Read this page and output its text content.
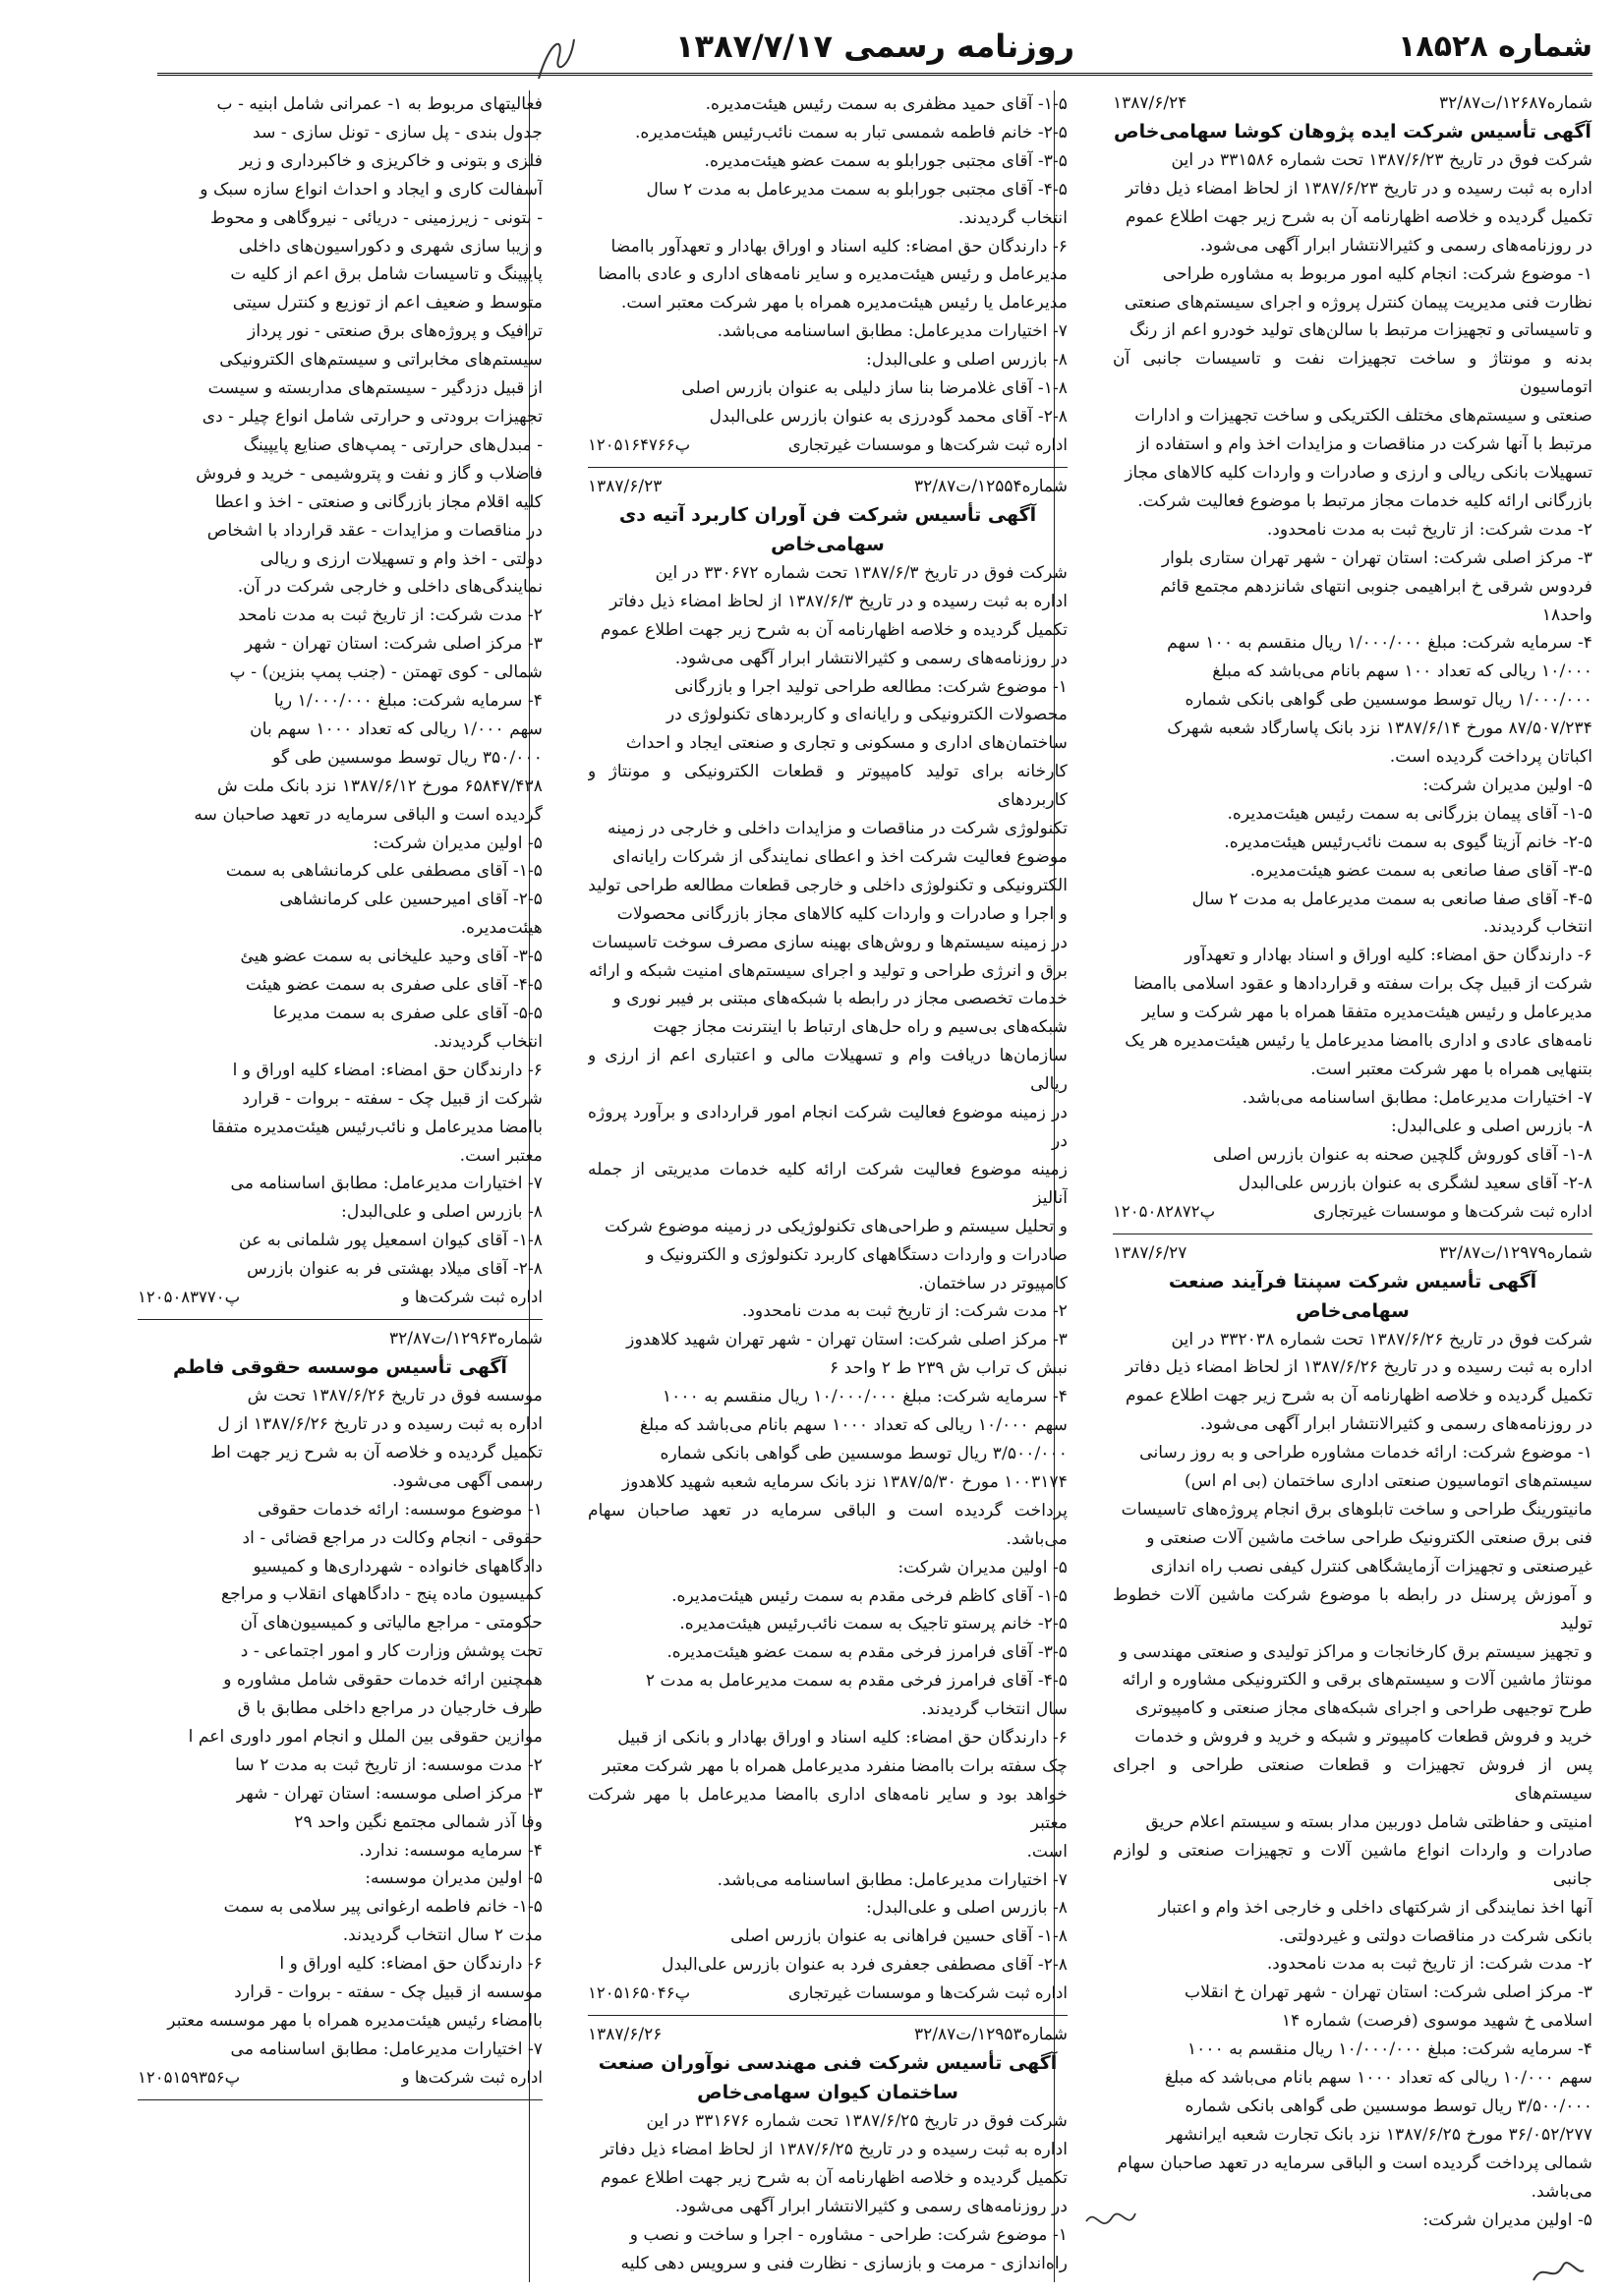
شماره ۱۸۵۲۸
روزنامه رسمی ۱۳۸۷/۷/۱۷
شماره۱۲۶۸۷/ت۳۲/۸۷
۱۳۸۷/۶/۲۴
آگهی تأسیس شرکت ایده پژوهان کوشا سهامی‌خاص

شرکت فوق در تاریخ ۱۳۸۷/۶/۲۳ تحت شماره ۳۳۱۵۸۶ در این

اداره به ثبت رسیده و در تاریخ ۱۳۸۷/۶/۲۳ از لحاظ امضاء ذیل دفاتر

تکمیل گردیده و خلاصه اظهارنامه آن به شرح زیر جهت اطلاع عموم

در روزنامه‌های رسمی و کثیرالانتشار ابرار آگهی می‌شود.

۱- موضوع شرکت: انجام کلیه امور مربوط به مشاوره طراحی

نظارت فنی مدیریت پیمان کنترل پروژه و اجرای سیستم‌های صنعتی

و تاسیساتی و تجهیزات مرتبط با سالن‌های تولید خودرو اعم از رنگ

بدنه و مونتاژ و ساخت تجهیزات نفت و تاسیسات جانبی آن اتوماسیون

صنعتی و سیستم‌های مختلف الکتریکی و ساخت تجهیزات و ادارات

مرتبط با آنها شرکت در مناقصات و مزایدات اخذ وام و استفاده از

تسهیلات بانکی ریالی و ارزی و صادرات و واردات کلیه کالاهای مجاز

بازرگانی ارائه کلیه خدمات مجاز مرتبط با موضوع فعالیت شرکت.

۲- مدت شرکت: از تاریخ ثبت به مدت نامحدود.

۳- مرکز اصلی شرکت: استان تهران - شهر تهران ستاری بلوار

فردوس شرقی خ ابراهیمی جنوبی انتهای شانزدهم مجتمع قائم

واحد۱۸

۴- سرمایه شرکت: مبلغ ۱/۰۰۰/۰۰۰ ریال منقسم به ۱۰۰ سهم

۱۰/۰۰۰ ریالی که تعداد ۱۰۰ سهم بانام می‌باشد که مبلغ

۱/۰۰۰/۰۰۰ ریال توسط موسسین طی گواهی بانکی شماره

۸۷/۵۰۷/۲۳۴ مورخ ۱۳۸۷/۶/۱۴ نزد بانک پاسارگاد شعبه شهرک

اکباتان پرداخت گردیده است.

۵- اولین مدیران شرکت:

۱-۵- آقای پیمان بزرگانی به سمت رئیس هیئت‌مدیره.

۲-۵- خانم آزیتا گیوی به سمت نائب‌رئیس هیئت‌مدیره.

۳-۵- آقای صفا صانعی به سمت عضو هیئت‌مدیره.

۴-۵- آقای صفا صانعی به سمت مدیرعامل به مدت ۲ سال

انتخاب گردیدند.

۶- دارندگان حق امضاء: کلیه اوراق و اسناد بهادار و تعهدآور

شرکت از قبیل چک برات سفته و قراردادها و عقود اسلامی باامضا

مدیرعامل و رئیس هیئت‌مدیره متفقا همراه با مهر شرکت و سایر

نامه‌های عادی و اداری باامضا مدیرعامل یا رئیس هیئت‌مدیره هر یک

بتنهایی همراه با مهر شرکت معتبر است.

۷- اختیارات مدیرعامل: مطابق اساسنامه می‌باشد.

۸- بازرس اصلی و علی‌البدل:

۱-۸- آقای کوروش گلچین صحنه به عنوان بازرس اصلی

۲-۸- آقای سعید لشگری به عنوان بازرس علی‌البدل

اداره ثبت شرکت‌ها و موسسات غیرتجاری
پ۱۲۰۵۰۸۲۸۷۲
شماره۱۲۹۷۹/ت۳۲/۸۷
۱۳۸۷/۶/۲۷
آگهی تأسیس شرکت سپنتا فرآیند صنعت سهامی‌خاص

شرکت فوق در تاریخ ۱۳۸۷/۶/۲۶ تحت شماره ۳۳۲۰۳۸ در این

اداره به ثبت رسیده و در تاریخ ۱۳۸۷/۶/۲۶ از لحاظ امضاء ذیل دفاتر

تکمیل گردیده و خلاصه اظهارنامه آن به شرح زیر جهت اطلاع عموم

در روزنامه‌های رسمی و کثیرالانتشار ابرار آگهی می‌شود.

۱- موضوع شرکت: ارائه خدمات مشاوره طراحی و به روز رسانی

سیستم‌های اتوماسیون صنعتی اداری ساختمان (بی ام اس)

مانیتورینگ طراحی و ساخت تابلوهای برق انجام پروژه‌های تاسیسات

فنی برق صنعتی الکترونیک طراحی ساخت ماشین آلات صنعتی و

غیرصنعتی و تجهیزات آزمایشگاهی کنترل کیفی نصب راه اندازی

و آموزش پرسنل در رابطه با موضوع شرکت ماشین آلات خطوط تولید

و تجهیز سیستم برق کارخانجات و مراکز تولیدی و صنعتی مهندسی و

مونتاژ ماشین آلات و سیستم‌های برقی و الکترونیکی مشاوره و ارائه

طرح توجیهی طراحی و اجرای شبکه‌های مجاز صنعتی و کامپیوتری

خرید و فروش قطعات کامپیوتر و شبکه و خرید و فروش و خدمات

پس از فروش تجهیزات و قطعات صنعتی طراحی و اجرای سیستم‌های

امنیتی و حفاظتی شامل دوربین مدار بسته و سیستم اعلام حریق

صادرات و واردات انواع ماشین آلات و تجهیزات صنعتی و لوازم جانبی

آنها اخذ نمایندگی از شرکتهای داخلی و خارجی اخذ وام و اعتبار

بانکی شرکت در مناقصات دولتی و غیردولتی.

۲- مدت شرکت: از تاریخ ثبت به مدت نامحدود.

۳- مرکز اصلی شرکت: استان تهران - شهر تهران خ انقلاب

اسلامی خ شهید موسوی (فرصت) شماره ۱۴

۴- سرمایه شرکت: مبلغ ۱۰/۰۰۰/۰۰۰ ریال منقسم به ۱۰۰۰

سهم ۱۰/۰۰۰ ریالی که تعداد ۱۰۰۰ سهم بانام می‌باشد که مبلغ

۳/۵۰۰/۰۰۰ ریال توسط موسسین طی گواهی بانکی شماره

۳۶/۰۵۲/۲۷۷ مورخ ۱۳۸۷/۶/۲۵ نزد بانک تجارت شعبه ایرانشهر

شمالی پرداخت گردیده است و الباقی سرمایه در تعهد صاحبان سهام

می‌باشد.

۵- اولین مدیران شرکت:

۱-۵- آقای حمید مظفری به سمت رئیس هیئت‌مدیره.

۲-۵- خانم فاطمه شمسی تبار به سمت نائب‌رئیس هیئت‌مدیره.

۳-۵- آقای مجتبی جورابلو به سمت عضو هیئت‌مدیره.

۴-۵- آقای مجتبی جورابلو به سمت مدیرعامل به مدت ۲ سال

انتخاب گردیدند.

۶- دارندگان حق امضاء: کلیه اسناد و اوراق بهادار و تعهدآور باامضا

مدیرعامل و رئیس هیئت‌مدیره و سایر نامه‌های اداری و عادی باامضا

مدیرعامل یا رئیس هیئت‌مدیره همراه با مهر شرکت معتبر است.

۷- اختیارات مدیرعامل: مطابق اساسنامه می‌باشد.

۸- بازرس اصلی و علی‌البدل:

۱-۸- آقای غلامرضا بنا ساز دلیلی به عنوان بازرس اصلی

۲-۸- آقای محمد گودرزی به عنوان بازرس علی‌البدل

اداره ثبت شرکت‌ها و موسسات غیرتجاری
پ۱۲۰۵۱۶۴۷۶۶
شماره۱۲۵۵۴/ت۳۲/۸۷
۱۳۸۷/۶/۲۳
آگهی تأسیس شرکت فن آوران کاربرد آتیه دی سهامی‌خاص

شرکت فوق در تاریخ ۱۳۸۷/۶/۳ تحت شماره ۳۳۰۶۷۲ در این

اداره به ثبت رسیده و در تاریخ ۱۳۸۷/۶/۳ از لحاظ امضاء ذیل دفاتر

تکمیل گردیده و خلاصه اظهارنامه آن به شرح زیر جهت اطلاع عموم

در روزنامه‌های رسمی و کثیرالانتشار ابرار آگهی می‌شود.

۱- موضوع شرکت: مطالعه طراحی تولید اجرا و بازرگانی

محصولات الکترونیکی و رایانه‌ای و کاربردهای تکنولوژی در

ساختمان‌های اداری و مسکونی و تجاری و صنعتی ایجاد و احداث

کارخانه برای تولید کامپیوتر و قطعات الکترونیکی و مونتاژ و کاربردهای

تکنولوژی شرکت در مناقصات و مزایدات داخلی و خارجی در زمینه

موضوع فعالیت شرکت اخذ و اعطای نمایندگی از شرکات رایانه‌ای

الکترونیکی و تکنولوژی داخلی و خارجی قطعات مطالعه طراحی تولید

و اجرا و صادرات و واردات کلیه کالاهای مجاز بازرگانی محصولات

در زمینه سیستم‌ها و روش‌های بهینه سازی مصرف سوخت تاسیسات

برق و انرژی طراحی و تولید و اجرای سیستم‌های امنیت شبکه و ارائه

خدمات تخصصی مجاز در رابطه با شبکه‌های مبتنی بر فیبر نوری و

شبکه‌های بی‌سیم و راه حل‌های ارتباط با اینترنت مجاز جهت

سازمان‌ها دریافت وام و تسهیلات مالی و اعتباری اعم از ارزی و ریالی

در زمینه موضوع فعالیت شرکت انجام امور قراردادی و برآورد پروژه در

زمینه موضوع فعالیت شرکت ارائه کلیه خدمات مدیریتی از جمله آنالیز

و تحلیل سیستم و طراحی‌های تکنولوژیکی در زمینه موضوع شرکت

صادرات و واردات دستگاههای کاربرد تکنولوژی و الکترونیک و

کامپیوتر در ساختمان.

۲- مدت شرکت: از تاریخ ثبت به مدت نامحدود.

۳- مرکز اصلی شرکت: استان تهران - شهر تهران شهید کلاهدوز

نبش ک تراب ش ۲۳۹ ط ۲ واحد ۶

۴- سرمایه شرکت: مبلغ ۱۰/۰۰۰/۰۰۰ ریال منقسم به ۱۰۰۰

سهم ۱۰/۰۰۰ ریالی که تعداد ۱۰۰۰ سهم بانام می‌باشد که مبلغ

۳/۵۰۰/۰۰۰ ریال توسط موسسین طی گواهی بانکی شماره

۱۰۰۳۱۷۴ مورخ ۱۳۸۷/۵/۳۰ نزد بانک سرمایه شعبه شهید کلاهدوز

پرداخت گردیده است و الباقی سرمایه در تعهد صاحبان سهام می‌باشد.

۵- اولین مدیران شرکت:

۱-۵- آقای کاظم فرخی مقدم به سمت رئیس هیئت‌مدیره.

۲-۵- خانم پرستو تاجیک به سمت نائب‌رئیس هیئت‌مدیره.

۳-۵- آقای فرامرز فرخی مقدم به سمت عضو هیئت‌مدیره.

۴-۵- آقای فرامرز فرخی مقدم به سمت مدیرعامل به مدت ۲

سال انتخاب گردیدند.

۶- دارندگان حق امضاء: کلیه اسناد و اوراق بهادار و بانکی از قبیل

چک سفته برات باامضا منفرد مدیرعامل همراه با مهر شرکت معتبر

خواهد بود و سایر نامه‌های اداری باامضا مدیرعامل با مهر شرکت معتبر

است.

۷- اختیارات مدیرعامل: مطابق اساسنامه می‌باشد.

۸- بازرس اصلی و علی‌البدل:

۱-۸- آقای حسین فراهانی به عنوان بازرس اصلی

۲-۸- آقای مصطفی جعفری فرد به عنوان بازرس علی‌البدل

اداره ثبت شرکت‌ها و موسسات غیرتجاری
پ۱۲۰۵۱۶۵۰۴۶
شماره۱۲۹۵۳/ت۳۲/۸۷
۱۳۸۷/۶/۲۶
آگهی تأسیس شرکت فنی مهندسی نوآوران صنعت ساختمان کیوان سهامی‌خاص

شرکت فوق در تاریخ ۱۳۸۷/۶/۲۵ تحت شماره ۳۳۱۶۷۶ در این

اداره به ثبت رسیده و در تاریخ ۱۳۸۷/۶/۲۵ از لحاظ امضاء ذیل دفاتر

تکمیل گردیده و خلاصه اظهارنامه آن به شرح زیر جهت اطلاع عموم

در روزنامه‌های رسمی و کثیرالانتشار ابرار آگهی می‌شود.

۱- موضوع شرکت: طراحی - مشاوره - اجرا و ساخت و نصب و

راه‌اندازی - مرمت و بازسازی - نظارت فنی و سرویس دهی کلیه

فعالیتهای مربوط به ۱- عمرانی شامل ابنیه - ب

جدول بندی - پل سازی - تونل سازی - سد

فلزی و بتونی و خاکریزی و خاکبرداری و زیر

آسفالت کاری و ایجاد و احداث انواع سازه سبک و

- بتونی - زیرزمینی - دریائی - نیروگاهی و محوط

و زیبا سازی شهری و دکوراسیون‌های داخلی

پایپینگ و تاسیسات شامل برق اعم از کلیه ت

متوسط و ضعیف اعم از توزیع و کنترل سیتی

ترافیک و پروژه‌های برق صنعتی - نور پرداز

سیستم‌های مخابراتی و سیستم‌های الکترونیکی

از قبیل دزدگیر - سیستم‌های مداربسته و سیست

تجهیزات برودتی و حرارتی شامل انواع چیلر - دی

- مبدل‌های حرارتی - پمپ‌های صنایع پایپینگ

فاضلاب و گاز و نفت و پتروشیمی - خرید و فروش

کلیه اقلام مجاز بازرگانی و صنعتی - اخذ و اعطا

در مناقصات و مزایدات - عقد قرارداد با اشخاص

دولتی - اخذ وام و تسهیلات ارزی و ریالی

نمایندگی‌های داخلی و خارجی شرکت در آن.

۲- مدت شرکت: از تاریخ ثبت به مدت نامحد

۳- مرکز اصلی شرکت: استان تهران - شهر

شمالی - کوی تهمتن - (جنب پمپ بنزین) - پ

۴- سرمایه شرکت: مبلغ ۱/۰۰۰/۰۰۰ ریا

سهم ۱/۰۰۰ ریالی که تعداد ۱۰۰۰ سهم بان

۳۵۰/۰۰۰ ریال توسط موسسین طی گو

۶۵۸۴۷/۴۳۸ مورخ ۱۳۸۷/۶/۱۲ نزد بانک ملت ش

گردیده است و الباقی سرمایه در تعهد صاحبان سه

۵- اولین مدیران شرکت:

۱-۵- آقای مصطفی علی کرمانشاهی به سمت

۲-۵- آقای امیرحسین علی کرمانشاهی

هیئت‌مدیره.

۳-۵- آقای وحید علیخانی به سمت عضو هیئ

۴-۵- آقای علی صفری به سمت عضو هیئت

۵-۵- آقای علی صفری به سمت مدیرعا

انتخاب گردیدند.

۶- دارندگان حق امضاء: امضاء کلیه اوراق و ا

شرکت از قبیل چک - سفته - بروات - قرارد

باامضا مدیرعامل و نائب‌رئیس هیئت‌مدیره متفقا

معتبر است.

۷- اختیارات مدیرعامل: مطابق اساسنامه می

۸- بازرس اصلی و علی‌البدل:

۱-۸- آقای کیوان اسمعیل پور شلمانی به عن

۲-۸- آقای میلاد بهشتی فر به عنوان بازرس

اداره ثبت شرکت‌ها و
پ۱۲۰۵۰۸۳۷۷۰
شماره۱۲۹۶۳/ت۳۲/۸۷
آگهی تأسیس موسسه حقوقی فاطم

موسسه فوق در تاریخ ۱۳۸۷/۶/۲۶ تحت ش

اداره به ثبت رسیده و در تاریخ ۱۳۸۷/۶/۲۶ از ل

تکمیل گردیده و خلاصه آن به شرح زیر جهت اط

رسمی آگهی می‌شود.

۱- موضوع موسسه: ارائه خدمات حقوقی

حقوقی - انجام وکالت در مراجع قضائی - اد

دادگاههای خانواده - شهرداری‌ها و کمیسیو

کمیسیون ماده پنج - دادگاههای انقلاب و مراجع

حکومتی - مراجع مالیاتی و کمیسیون‌های آن

تحت پوشش وزارت کار و امور اجتماعی - د

همچنین ارائه خدمات حقوقی شامل مشاوره و

طرف خارجیان در مراجع داخلی مطابق با ق

موازین حقوقی بین الملل و انجام امور داوری اعم ا

۲- مدت موسسه: از تاریخ ثبت به مدت ۲ سا

۳- مرکز اصلی موسسه: استان تهران - شهر

وفا آذر شمالی مجتمع نگین واحد ۲۹

۴- سرمایه موسسه: ندارد.

۵- اولین مدیران موسسه:

۱-۵- خانم فاطمه ارغوانی پیر سلامی به سمت

مدت ۲ سال انتخاب گردیدند.

۶- دارندگان حق امضاء: کلیه اوراق و ا

موسسه از قبیل چک - سفته - بروات - قرارد

باامضاء رئیس هیئت‌مدیره همراه با مهر موسسه معتبر

۷- اختیارات مدیرعامل: مطابق اساسنامه می

اداره ثبت شرکت‌ها و
پ۱۲۰۵۱۵۹۳۵۶
